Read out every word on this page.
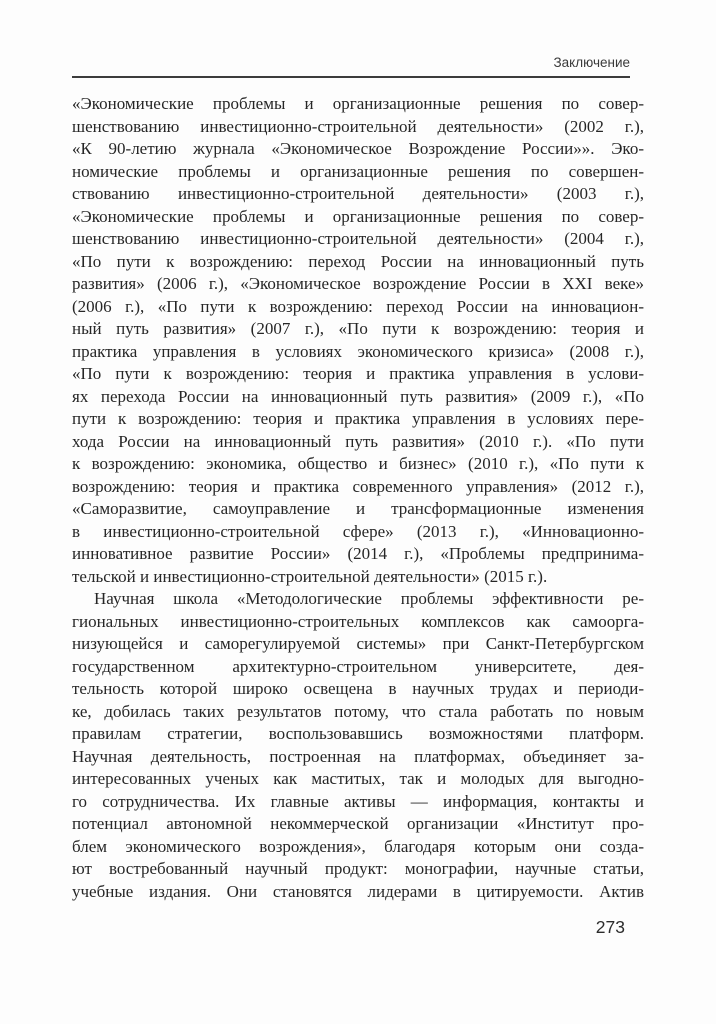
Заключение
«Экономические проблемы и организационные решения по совер-
шенствованию инвестиционно-строительной деятельности» (2002 г.),
«К 90-летию журнала «Экономическое Возрождение России»». Эко-
номические проблемы и организационные решения по совершен-
ствованию инвестиционно-строительной деятельности» (2003 г.),
«Экономические проблемы и организационные решения по совер-
шенствованию инвестиционно-строительной деятельности» (2004 г.),
«По пути к возрождению: переход России на инновационный путь
развития» (2006 г.), «Экономическое возрождение России в XXI веке»
(2006 г.), «По пути к возрождению: переход России на инновацион-
ный путь развития» (2007 г.), «По пути к возрождению: теория и
практика управления в условиях экономического кризиса» (2008 г.),
«По пути к возрождению: теория и практика управления в услови-
ях перехода России на инновационный путь развития» (2009 г.), «По
пути к возрождению: теория и практика управления в условиях пере-
хода России на инновационный путь развития» (2010 г.). «По пути
к возрождению: экономика, общество и бизнес» (2010 г.), «По пути к
возрождению: теория и практика современного управления» (2012 г.),
«Саморазвитие, самоуправление и трансформационные изменения
в инвестиционно-строительной сфере» (2013 г.), «Инновационно-
инновативное развитие России» (2014 г.), «Проблемы предпринима-
тельской и инвестиционно-строительной деятельности» (2015 г.).
Научная школа «Методологические проблемы эффективности ре-
гиональных инвестиционно-строительных комплексов как самоорга-
низующейся и саморегулируемой системы» при Санкт-Петербургском
государственном архитектурно-строительном университете, дея-
тельность которой широко освещена в научных трудах и периоди-
ке, добилась таких результатов потому, что стала работать по новым
правилам стратегии, воспользовавшись возможностями платформ.
Научная деятельность, построенная на платформах, объединяет за-
интересованных ученых как маститых, так и молодых для выгодно-
го сотрудничества. Их главные активы — информация, контакты и
потенциал автономной некоммерческой организации «Институт про-
блем экономического возрождения», благодаря которым они созда-
ют востребованный научный продукт: монографии, научные статьи,
учебные издания. Они становятся лидерами в цитируемости. Актив
273
